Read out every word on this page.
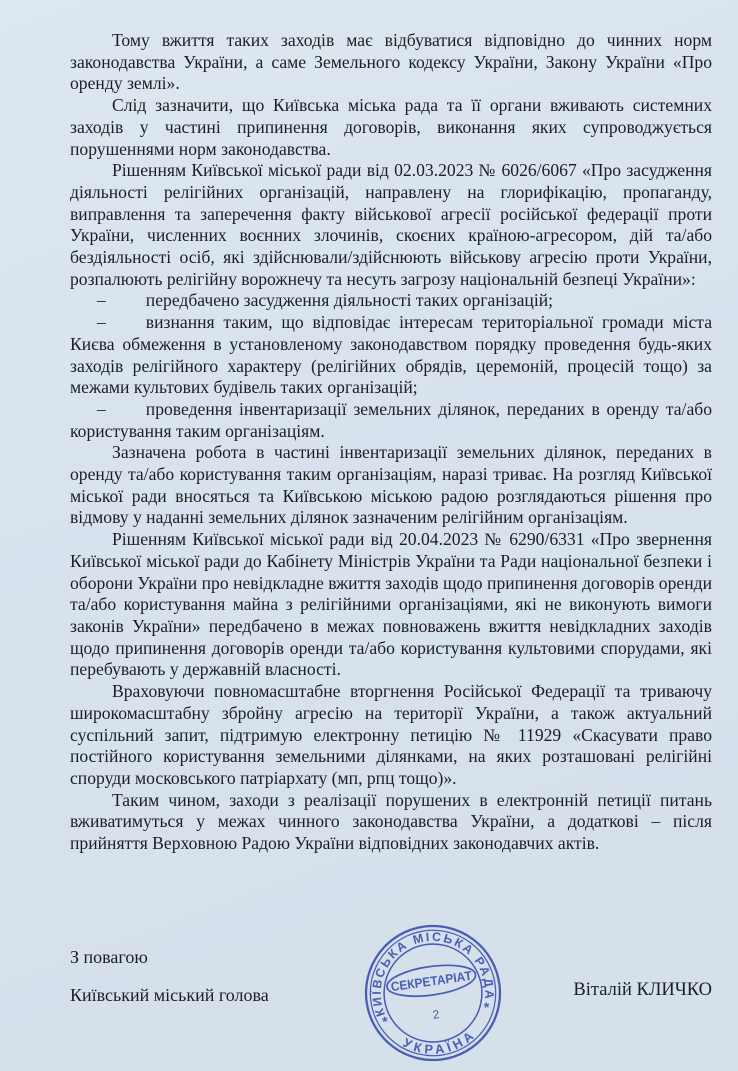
Тому вжиття таких заходів має відбуватися відповідно до чинних норм законодавства України, а саме Земельного кодексу України, Закону України «Про оренду землі».

Слід зазначити, що Київська міська рада та її органи вживають системних заходів у частині припинення договорів, виконання яких супроводжується порушеннями норм законодавства.

Рішенням Київської міської ради від 02.03.2023 № 6026/6067 «Про засудження діяльності релігійних організацій, направлену на глорифікацію, пропаганду, виправлення та заперечення факту військової агресії російської федерації проти України, численних воєнних злочинів, скоєних країною-агресором, дій та/або бездіяльності осіб, які здійснювали/здійснюють військову агресію проти України, розпалюють релігійну ворожнечу та несуть загрозу національній безпеці України»:

– передбачено засудження діяльності таких організацій;

– визнання таким, що відповідає інтересам територіальної громади міста Києва обмеження в установленому законодавством порядку проведення будь-яких заходів релігійного характеру (релігійних обрядів, церемоній, процесій тощо) за межами культових будівель таких організацій;

– проведення інвентаризації земельних ділянок, переданих в оренду та/або користування таким організаціям.

Зазначена робота в частині інвентаризації земельних ділянок, переданих в оренду та/або користування таким організаціям, наразі триває. На розгляд Київської міської ради вносяться та Київською міською радою розглядаються рішення про відмову у наданні земельних ділянок зазначеним релігійним організаціям.

Рішенням Київської міської ради від 20.04.2023 № 6290/6331 «Про звернення Київської міської ради до Кабінету Міністрів України та Ради національної безпеки і оборони України про невідкладне вжиття заходів щодо припинення договорів оренди та/або користування майна з релігійними організаціями, які не виконують вимоги законів України» передбачено в межах повноважень вжиття невідкладних заходів щодо припинення договорів оренди та/або користування культовими спорудами, які перебувають у державній власності.

Враховуючи повномасштабне вторгнення Російської Федерації та триваючу широкомасштабну збройну агресію на території України, а також актуальний суспільний запит, підтримую електронну петицію № 11929 «Скасувати право постійного користування земельними ділянками, на яких розташовані релігійні споруди московського патріархату (мп, рпц тощо)».

Таким чином, заходи з реалізації порушених в електронній петиції питань вживатимуться у межах чинного законодавства України, а додаткові – після прийняття Верховною Радою України відповідних законодавчих актів.

З повагою
Київський міський голова	Віталій КЛИЧКО
КИЇВСЬКА МІСЬКА РАДА
УКРАЇНА
*
*
СЕКРЕТАРІАТ
2
